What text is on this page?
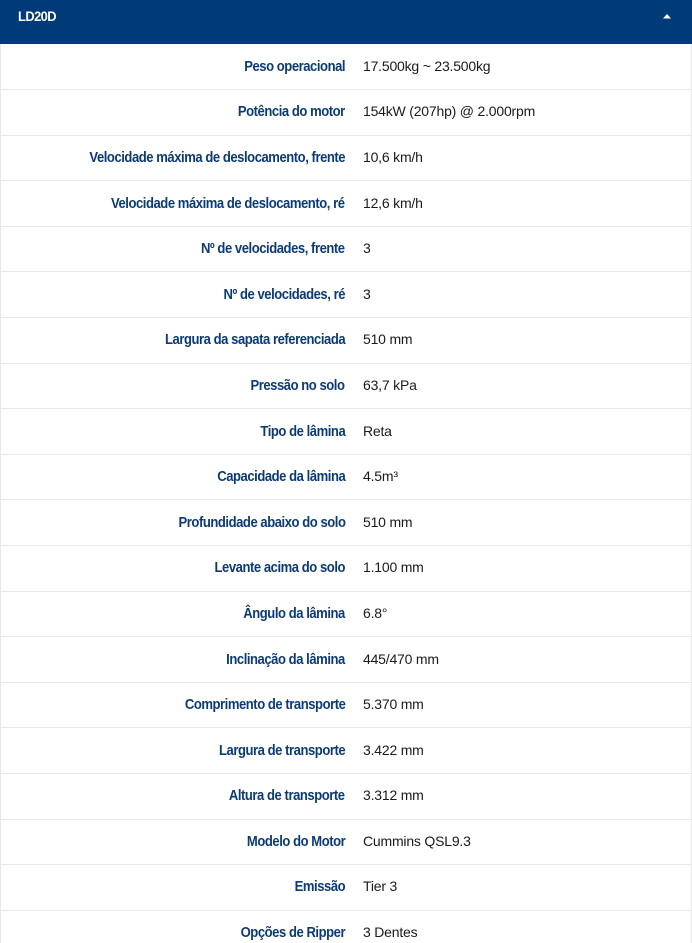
LD20D
Peso operacional	17.500kg ~ 23.500kg
Potência do motor	154kW (207hp) @ 2.000rpm
Velocidade máxima de deslocamento, frente	10,6 km/h
Velocidade máxima de deslocamento, ré	12,6 km/h
Nº de velocidades, frente	3
Nº de velocidades, ré	3
Largura da sapata referenciada	510 mm
Pressão no solo	63,7 kPa
Tipo de lâmina	Reta
Capacidade da lâmina	4.5m³
Profundidade abaixo do solo	510 mm
Levante acima do solo	1.100 mm
Ângulo da lâmina	6.8°
Inclinação da lâmina	445/470 mm
Comprimento de transporte	5.370 mm
Largura de transporte	3.422 mm
Altura de transporte	3.312 mm
Modelo do Motor	Cummins QSL9.3
Emissão	Tier 3
Opções de Ripper	3 Dentes
